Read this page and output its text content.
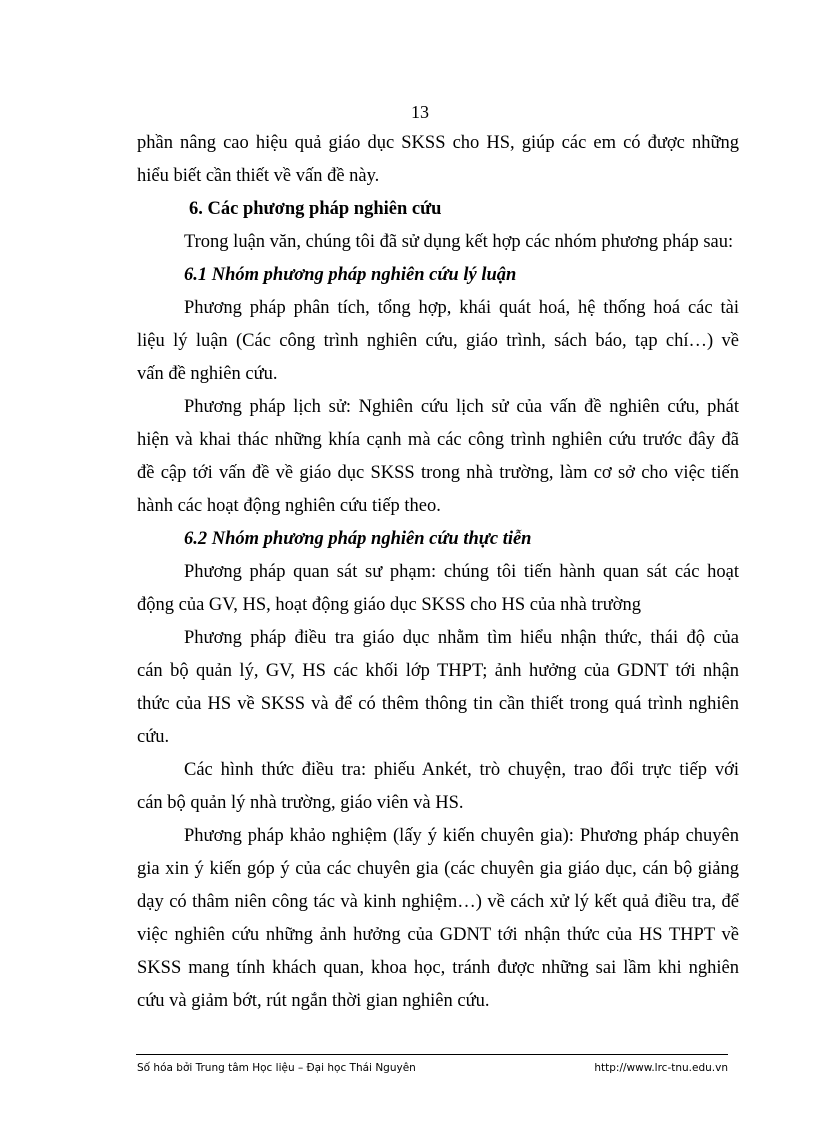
13
phần nâng cao hiệu quả giáo dục SKSS cho HS, giúp các em có được những
hiểu biết cần thiết về vấn đề này.
6. Các phương pháp nghiên cứu
Trong luận văn, chúng tôi đã sử dụng kết hợp các nhóm phương pháp sau:
6.1 Nhóm phương pháp nghiên cứu lý luận
Phương pháp phân tích, tổng hợp, khái quát hoá, hệ thống hoá các tài
liệu lý luận (Các công trình nghiên cứu, giáo trình, sách báo, tạp chí…) về
vấn đề nghiên cứu.
Phương pháp lịch sử: Nghiên cứu lịch sử của vấn đề nghiên cứu, phát
hiện và khai thác những khía cạnh mà các công trình nghiên cứu trước đây đã
đề cập tới vấn đề về giáo dục SKSS trong nhà trường, làm cơ sở cho việc tiến
hành các hoạt động nghiên cứu tiếp theo.
6.2 Nhóm phương pháp nghiên cứu thực tiễn
Phương pháp quan sát sư phạm: chúng tôi tiến hành quan sát các hoạt
động của GV, HS, hoạt động giáo dục SKSS cho HS của nhà trường
Phương pháp điều tra giáo dục nhằm tìm hiểu nhận thức, thái độ của
cán bộ quản lý, GV, HS các khối lớp THPT; ảnh hưởng của GDNT tới nhận
thức của HS về SKSS và để có thêm thông tin cần thiết trong quá trình nghiên
cứu.
Các hình thức điều tra: phiếu Ankét, trò chuyện, trao đổi trực tiếp với
cán bộ quản lý nhà trường, giáo viên và HS.
Phương pháp khảo nghiệm (lấy ý kiến chuyên gia): Phương pháp chuyên
gia xin ý kiến góp ý của các chuyên gia (các chuyên gia giáo dục, cán bộ giảng
dạy có thâm niên công tác và kinh nghiệm…) về cách xử lý kết quả điều tra, để
việc nghiên cứu những ảnh hưởng của GDNT tới nhận thức của HS THPT về
SKSS mang tính khách quan, khoa học, tránh được những sai lầm khi nghiên
cứu và giảm bớt, rút ngắn thời gian nghiên cứu.
Số hóa bởi Trung tâm Học liệu – Đại học Thái Nguyên	http://www.lrc-tnu.edu.vn
